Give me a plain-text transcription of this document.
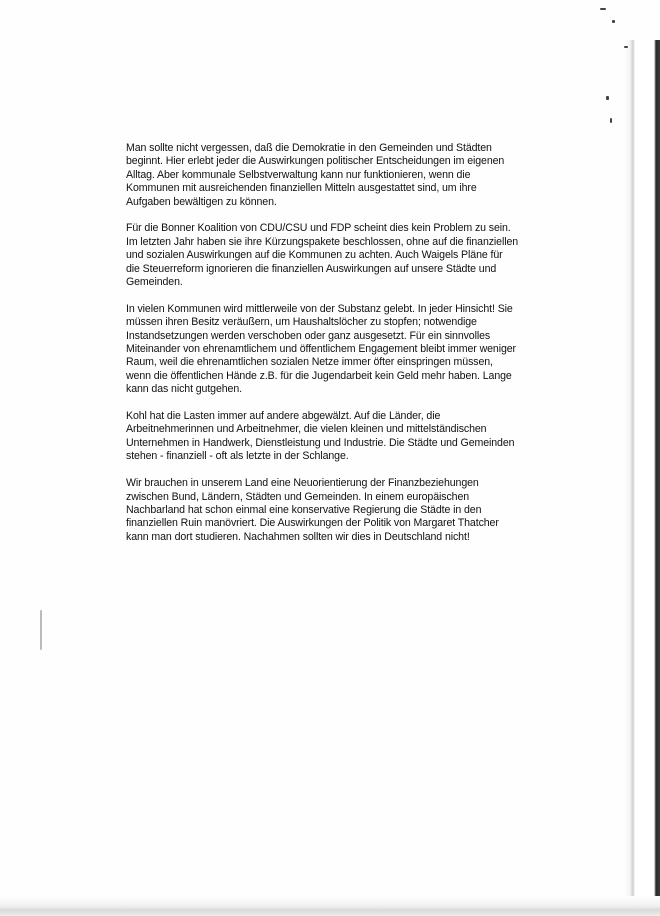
Man sollte nicht vergessen, daß die Demokratie in den Gemeinden und Städten
beginnt. Hier erlebt jeder die Auswirkungen politischer Entscheidungen im eigenen
Alltag. Aber kommunale Selbstverwaltung kann nur funktionieren, wenn die
Kommunen mit ausreichenden finanziellen Mitteln ausgestattet sind, um ihre
Aufgaben bewältigen zu können.

Für die Bonner Koalition von CDU/CSU und FDP scheint dies kein Problem zu sein.
Im letzten Jahr haben sie ihre Kürzungspakete beschlossen, ohne auf die finanziellen
und sozialen Auswirkungen auf die Kommunen zu achten. Auch Waigels Pläne für
die Steuerreform ignorieren die finanziellen Auswirkungen auf unsere Städte und
Gemeinden.

In vielen Kommunen wird mittlerweile von der Substanz gelebt. In jeder Hinsicht! Sie
müssen ihren Besitz veräußern, um Haushaltslöcher zu stopfen; notwendige
Instandsetzungen werden verschoben oder ganz ausgesetzt. Für ein sinnvolles
Miteinander von ehrenamtlichem und öffentlichem Engagement bleibt immer weniger
Raum, weil die ehrenamtlichen sozialen Netze immer öfter einspringen müssen,
wenn die öffentlichen Hände z.B. für die Jugendarbeit kein Geld mehr haben. Lange
kann das nicht gutgehen.

Kohl hat die Lasten immer auf andere abgewälzt. Auf die Länder, die
Arbeitnehmerinnen und Arbeitnehmer, die vielen kleinen und mittelständischen
Unternehmen in Handwerk, Dienstleistung und Industrie. Die Städte und Gemeinden
stehen - finanziell - oft als letzte in der Schlange.

Wir brauchen in unserem Land eine Neuorientierung der Finanzbeziehungen
zwischen Bund, Ländern, Städten und Gemeinden. In einem europäischen
Nachbarland hat schon einmal eine konservative Regierung die Städte in den
finanziellen Ruin manövriert. Die Auswirkungen der Politik von Margaret Thatcher
kann man dort studieren. Nachahmen sollten wir dies in Deutschland nicht!
